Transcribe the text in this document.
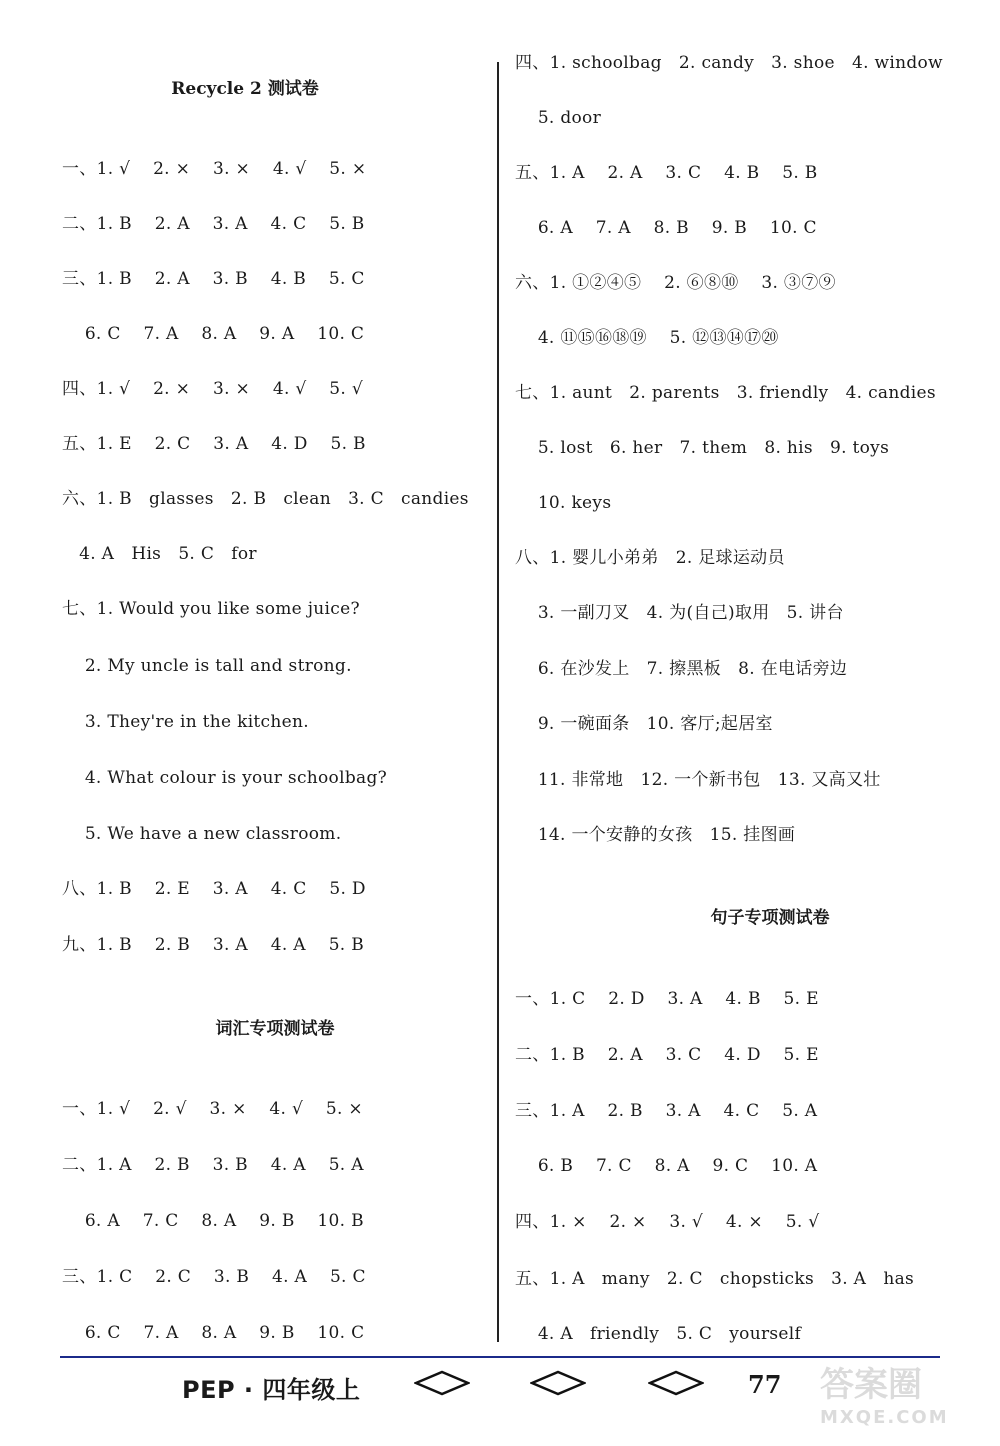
Recycle 2 测试卷
一、1. √    2. ×    3. ×    4. √    5. ×
二、1. B    2. A    3. A    4. C    5. B
三、1. B    2. A    3. B    4. B    5. C
6. C    7. A    8. A    9. A    10. C
四、1. √    2. ×    3. ×    4. √    5. √
五、1. E    2. C    3. A    4. D    5. B
六、1. B   glasses   2. B   clean   3. C   candies
4. A   His   5. C   for
七、1. Would you like some juice?
2. My uncle is tall and strong.
3. They're in the kitchen.
4. What colour is your schoolbag?
5. We have a new classroom.
八、1. B    2. E    3. A    4. C    5. D
九、1. B    2. B    3. A    4. A    5. B
词汇专项测试卷
一、1. √    2. √    3. ×    4. √    5. ×
二、1. A    2. B    3. B    4. A    5. A
6. A    7. C    8. A    9. B    10. B
三、1. C    2. C    3. B    4. A    5. C
6. C    7. A    8. A    9. B    10. C
四、1. schoolbag   2. candy   3. shoe   4. window
5. door
五、1. A    2. A    3. C    4. B    5. B
6. A    7. A    8. B    9. B    10. C
六、1. ①②④⑤    2. ⑥⑧⑩    3. ③⑦⑨
4. ⑪⑮⑯⑱⑲    5. ⑫⑬⑭⑰⑳
七、1. aunt   2. parents   3. friendly   4. candies
5. lost   6. her   7. them   8. his   9. toys
10. keys
八、1. 婴儿小弟弟   2. 足球运动员
3. 一副刀叉   4. 为(自己)取用   5. 讲台
6. 在沙发上   7. 擦黑板   8. 在电话旁边
9. 一碗面条   10. 客厅;起居室
11. 非常地   12. 一个新书包   13. 又高又壮
14. 一个安静的女孩   15. 挂图画
句子专项测试卷
一、1. C    2. D    3. A    4. B    5. E
二、1. B    2. A    3. C    4. D    5. E
三、1. A    2. B    3. A    4. C    5. A
6. B    7. C    8. A    9. C    10. A
四、1. ×    2. ×    3. √    4. ×    5. √
五、1. A   many   2. C   chopsticks   3. A   has
4. A   friendly   5. C   yourself
PEP · 四年级上	77 答案圈
MXQE.COM
